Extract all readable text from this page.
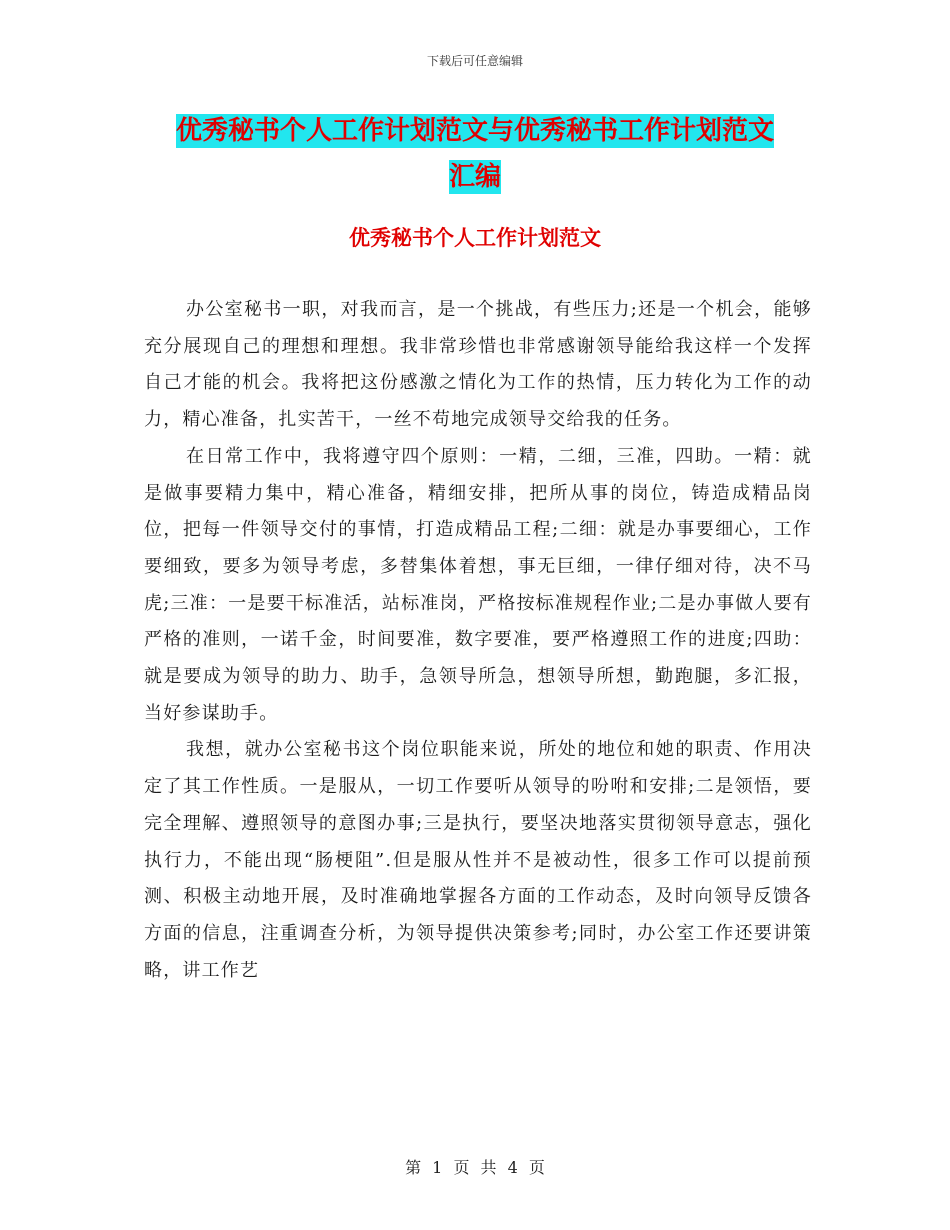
下载后可任意编辑
优秀秘书个人工作计划范文与优秀秘书工作计划范文
汇编
优秀秘书个人工作计划范文

办公室秘书一职，对我而言，是一个挑战，有些压力;还是一个机会，能够充分展现自己的理想和理想。我非常珍惜也非常感谢领导能给我这样一个发挥自己才能的机会。我将把这份感激之情化为工作的热情，压力转化为工作的动力，精心准备，扎实苦干，一丝不苟地完成领导交给我的任务。

在日常工作中，我将遵守四个原则：一精，二细，三准，四助。一精：就是做事要精力集中，精心准备，精细安排，把所从事的岗位，铸造成精品岗位，把每一件领导交付的事情，打造成精品工程;二细：就是办事要细心，工作要细致，要多为领导考虑，多替集体着想，事无巨细，一律仔细对待，决不马虎;三准：一是要干标准活，站标准岗，严格按标准规程作业;二是办事做人要有严格的准则，一诺千金，时间要准，数字要准，要严格遵照工作的进度;四助：就是要成为领导的助力、助手，急领导所急，想领导所想，勤跑腿，多汇报，当好参谋助手。

我想，就办公室秘书这个岗位职能来说，所处的地位和她的职责、作用决定了其工作性质。一是服从，一切工作要听从领导的吩咐和安排;二是领悟，要完全理解、遵照领导的意图办事;三是执行，要坚决地落实贯彻领导意志，强化执行力，不能出现“肠梗阻”.但是服从性并不是被动性，很多工作可以提前预测、积极主动地开展，及时准确地掌握各方面的工作动态，及时向领导反馈各方面的信息，注重调查分析，为领导提供决策参考;同时，办公室工作还要讲策略，讲工作艺

第 1 页 共 4 页
